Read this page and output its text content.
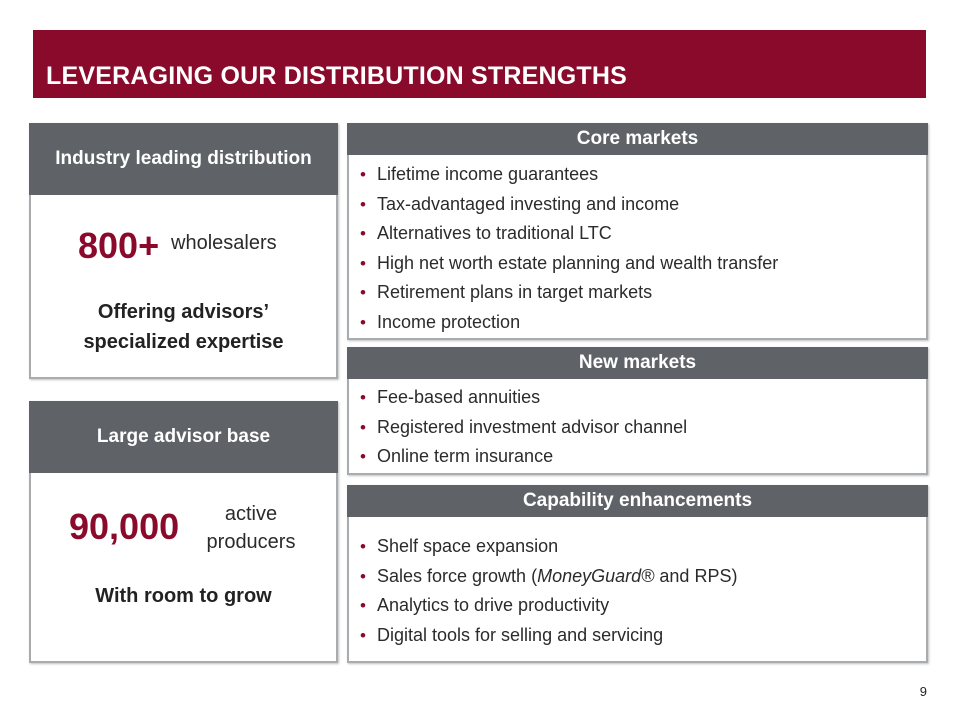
LEVERAGING OUR DISTRIBUTION STRENGTHS
Industry leading distribution
800+ wholesalers
Offering advisors’
specialized expertise
Large advisor base
90,000	active
producers
With room to grow
Core markets
• Lifetime income guarantees
• Tax-advantaged investing and income
• Alternatives to traditional LTC
• High net worth estate planning and wealth transfer
• Retirement plans in target markets
• Income protection
New markets
• Fee-based annuities
• Registered investment advisor channel
• Online term insurance
Capability enhancements
• Shelf space expansion
• Sales force growth (MoneyGuard® and RPS)
• Analytics to drive productivity
• Digital tools for selling and servicing
9
